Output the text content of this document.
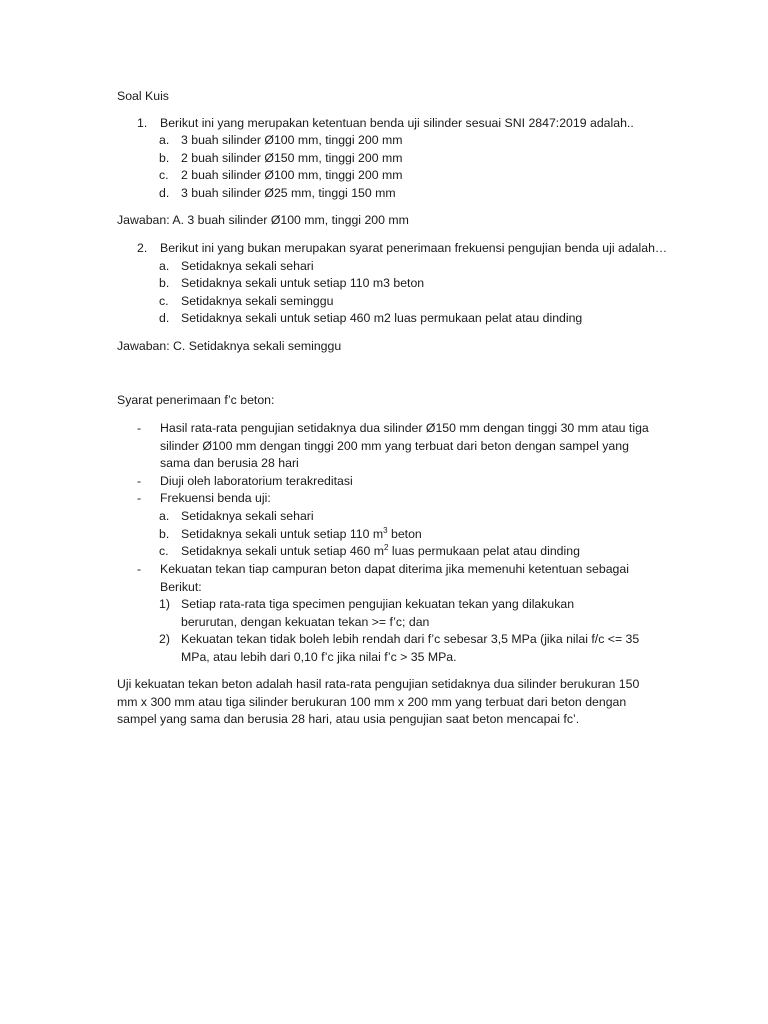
Soal Kuis

1.	Berikut ini yang merupakan ketentuan benda uji silinder sesuai SNI 2847:2019 adalah..
a. 3 buah silinder Ø100 mm, tinggi 200 mm
b. 2 buah silinder Ø150 mm, tinggi 200 mm
c.	2 buah silinder Ø100 mm, tinggi 200 mm
d. 3 buah silinder Ø25 mm, tinggi 150 mm

Jawaban: A. 3 buah silinder Ø100 mm, tinggi 200 mm

2.	Berikut ini yang bukan merupakan syarat penerimaan frekuensi pengujian benda uji adalah…
a. Setidaknya sekali sehari
b. Setidaknya sekali untuk setiap 110 m3 beton
c.	Setidaknya sekali seminggu
d. Setidaknya sekali untuk setiap 460 m2 luas permukaan pelat atau dinding

Jawaban: C. Setidaknya sekali seminggu

Syarat penerimaan f’c beton:

-	Hasil rata-rata pengujian setidaknya dua silinder Ø150 mm dengan tinggi 30 mm atau tiga silinder Ø100 mm dengan tinggi 200 mm yang terbuat dari beton dengan sampel yang sama dan berusia 28 hari
-	Diuji oleh laboratorium terakreditasi
-	Frekuensi benda uji:
a. Setidaknya sekali sehari
b. Setidaknya sekali untuk setiap 110 $m^3$ beton
c.	Setidaknya sekali untuk setiap 460 $m^2$ luas permukaan pelat atau dinding
-	Kekuatan tekan tiap campuran beton dapat diterima jika memenuhi ketentuan sebagai Berikut:
1) Setiap rata-rata tiga specimen pengujian kekuatan tekan yang dilakukan berurutan, dengan kekuatan tekan >= f’c; dan
2) Kekuatan tekan tidak boleh lebih rendah dari f’c sebesar 3,5 MPa (jika nilai f/c <= 35 MPa, atau lebih dari 0,10 f’c jika nilai f’c > 35 MPa.

Uji kekuatan tekan beton adalah hasil rata-rata pengujian setidaknya dua silinder berukuran 150 mm x 300 mm atau tiga silinder berukuran 100 mm x 200 mm yang terbuat dari beton dengan sampel yang sama dan berusia 28 hari, atau usia pengujian saat beton mencapai fc’.
